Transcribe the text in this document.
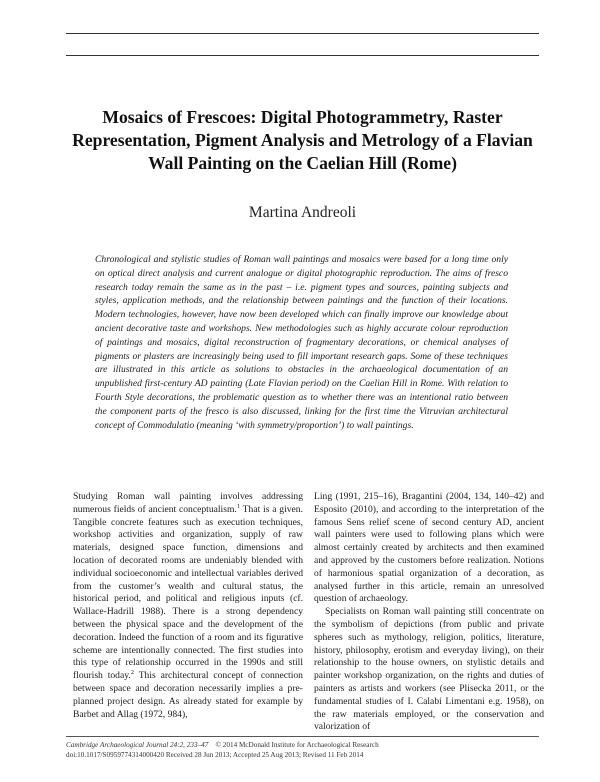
Mosaics of Frescoes: Digital Photogrammetry, Raster Representation, Pigment Analysis and Metrology of a Flavian Wall Painting on the Caelian Hill (Rome)
Martina Andreoli
Chronological and stylistic studies of Roman wall paintings and mosaics were based for a long time only on optical direct analysis and current analogue or digital photographic reproduction. The aims of fresco research today remain the same as in the past – i.e. pigment types and sources, painting subjects and styles, application methods, and the relationship between paintings and the function of their locations. Modern technologies, however, have now been developed which can finally improve our knowledge about ancient decorative taste and workshops. New methodologies such as highly accurate colour reproduction of paintings and mosaics, digital reconstruction of fragmentary decorations, or chemical analyses of pigments or plasters are increasingly being used to fill important research gaps. Some of these techniques are illustrated in this article as solutions to obstacles in the archaeological documentation of an unpublished first-century AD painting (Late Flavian period) on the Caelian Hill in Rome. With relation to Fourth Style decorations, the problematic question as to whether there was an intentional ratio between the component parts of the fresco is also discussed, linking for the first time the Vitruvian architectural concept of Commodulatio (meaning ‘with symmetry/proportion’) to wall paintings.

Studying Roman wall painting involves addressing numerous fields of ancient conceptualism.$^1$ That is a given. Tangible concrete features such as execution techniques, workshop activities and organization, supply of raw materials, designed space function, dimensions and location of decorated rooms are undeniably blended with individual socioeconomic and intellectual variables derived from the customer’s wealth and cultural status, the historical period, and political and religious inputs (cf. Wallace-Hadrill 1988). There is a strong dependency between the physical space and the development of the decoration. Indeed the function of a room and its figurative scheme are intentionally connected. The first studies into this type of relationship occurred in the 1990s and still flourish today.$^2$ This architectural concept of connection between space and decoration necessarily implies a pre-planned project design. As already stated for example by Barbet and Allag (1972, 984),

Ling (1991, 215–16), Bragantini (2004, 134, 140–42) and Esposito (2010), and according to the interpretation of the famous Sens relief scene of second century AD, ancient wall painters were used to following plans which were almost certainly created by architects and then examined and approved by the customers before realization. Notions of harmonious spatial organization of a decoration, as analysed further in this article, remain an unresolved question of archaeology.

Specialists on Roman wall painting still concentrate on the symbolism of depictions (from public and private spheres such as mythology, religion, politics, literature, history, philosophy, erotism and everyday living), on their relationship to the house owners, on stylistic details and painter workshop organization, on the rights and duties of painters as artists and workers (see Plisecka 2011, or the fundamental studies of I. Calabi Limentani e.g. 1958), on the raw materials employed, or the conservation and valorization of

Cambridge Archaeological Journal 24:2, 233–47 © 2014 McDonald Institute for Archaeological Research
doi:10.1017/S0959774314000420 Received 28 Jun 2013; Accepted 25 Aug 2013; Revised 11 Feb 2014
